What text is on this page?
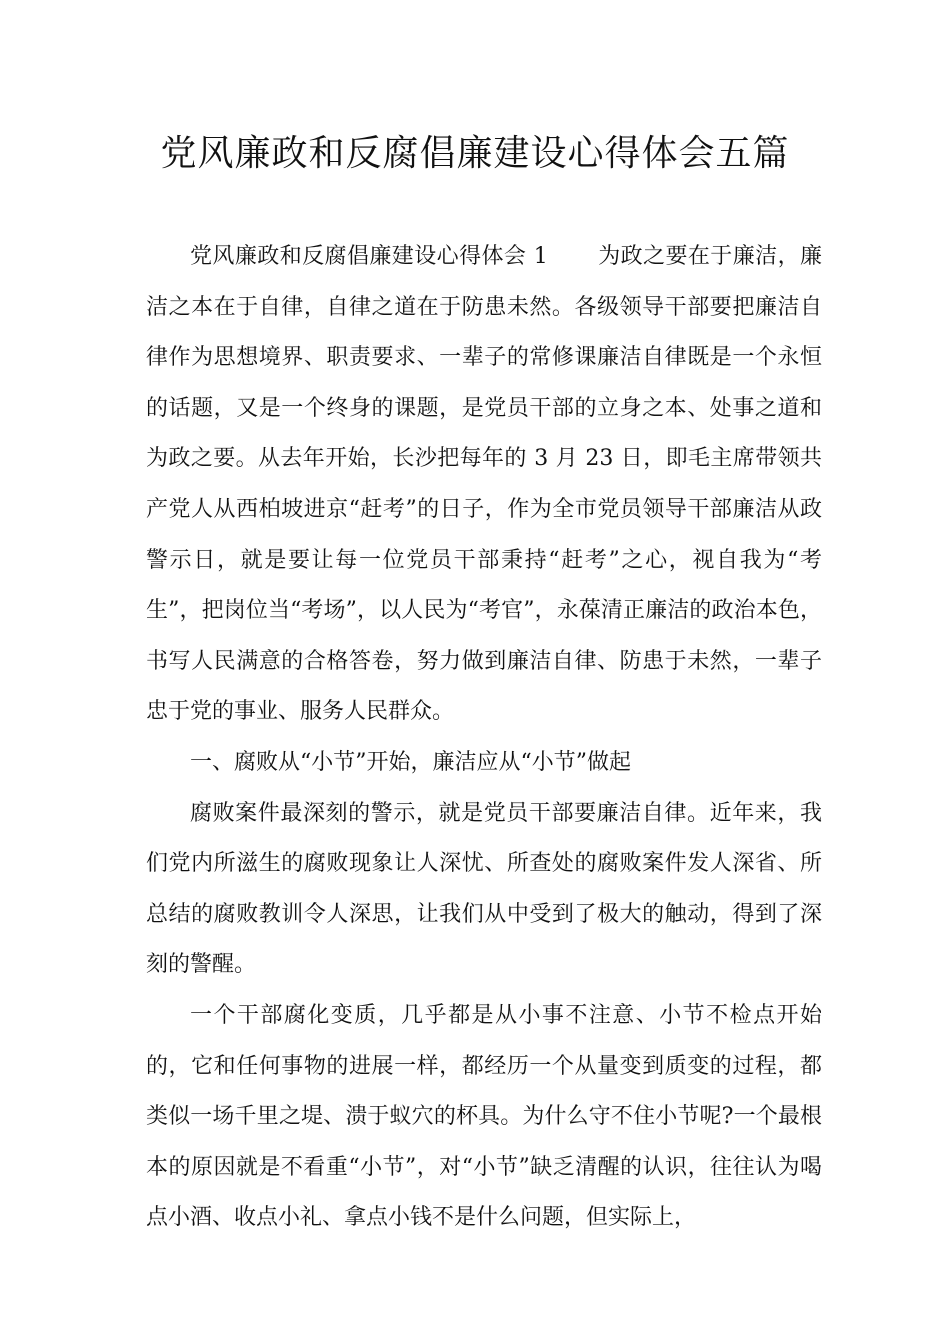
党风廉政和反腐倡廉建设心得体会五篇

党风廉政和反腐倡廉建设心得体会 1 为政之要在于廉洁，廉洁之本在于自律，自律之道在于防患未然。各级领导干部要把廉洁自律作为思想境界、职责要求、一辈子的常修课廉洁自律既是一个永恒的话题，又是一个终身的课题，是党员干部的立身之本、处事之道和为政之要。从去年开始，长沙把每年的 3 月 23 日，即毛主席带领共产党人从西柏坡进京“赶考”的日子，作为全市党员领导干部廉洁从政警示日，就是要让每一位党员干部秉持“赶考”之心，视自我为“考生”，把岗位当“考场”，以人民为“考官”，永葆清正廉洁的政治本色，书写人民满意的合格答卷，努力做到廉洁自律、防患于未然，一辈子忠于党的事业、服务人民群众。

一、腐败从“小节”开始，廉洁应从“小节”做起

腐败案件最深刻的警示，就是党员干部要廉洁自律。近年来，我们党内所滋生的腐败现象让人深忧、所查处的腐败案件发人深省、所总结的腐败教训令人深思，让我们从中受到了极大的触动，得到了深刻的警醒。

一个干部腐化变质，几乎都是从小事不注意、小节不检点开始的，它和任何事物的进展一样，都经历一个从量变到质变的过程，都类似一场千里之堤、溃于蚁穴的杯具。为什么守不住小节呢?一个最根本的原因就是不看重“小节”，对“小节”缺乏清醒的认识，往往认为喝点小酒、收点小礼、拿点小钱不是什么问题，但实际上，
